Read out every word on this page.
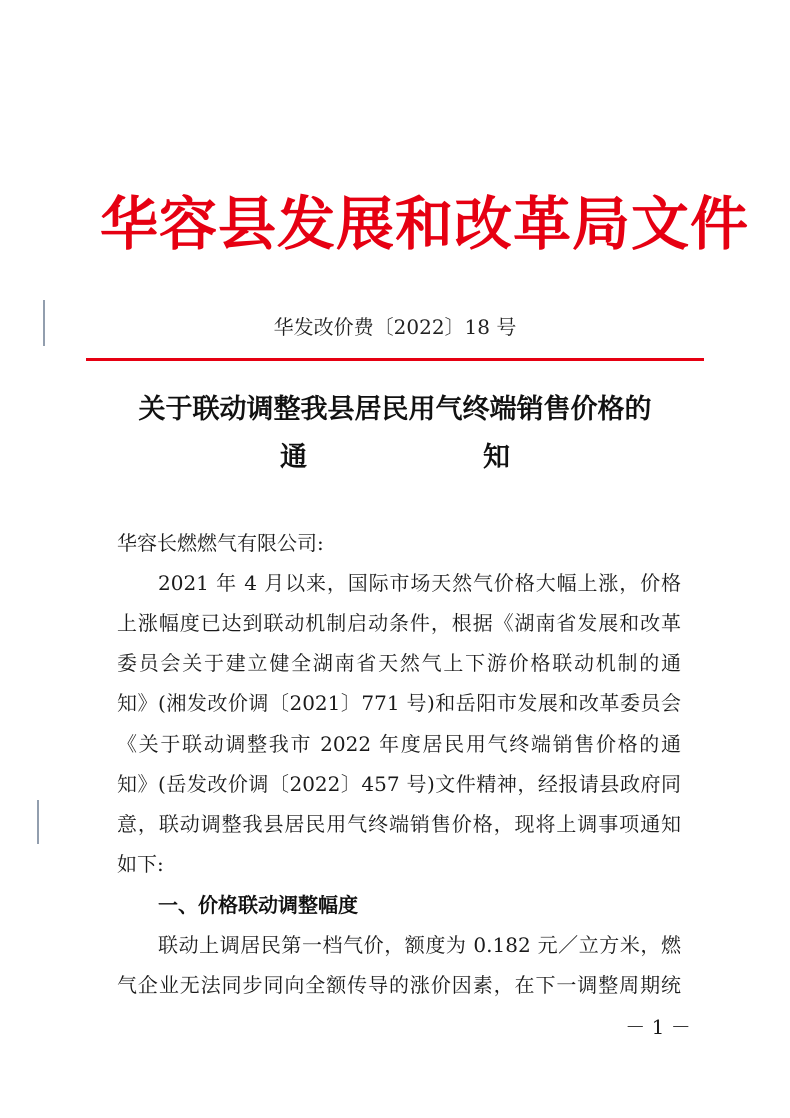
华容县发展和改革局文件
华发改价费〔2022〕18 号
关于联动调整我县居民用气终端销售价格的
通	知
华容长燃燃气有限公司:
2021 年 4 月以来，国际市场天然气价格大幅上涨，价格
上涨幅度已达到联动机制启动条件，根据《湖南省发展和改革
委员会关于建立健全湖南省天然气上下游价格联动机制的通
知》(湘发改价调〔2021〕771 号)和岳阳市发展和改革委员会
《关于联动调整我市 2022 年度居民用气终端销售价格的通
知》(岳发改价调〔2022〕457 号)文件精神，经报请县政府同
意，联动调整我县居民用气终端销售价格，现将上调事项通知
如下:
一、价格联动调整幅度
联动上调居民第一档气价，额度为 0.182 元／立方米，燃
气企业无法同步同向全额传导的涨价因素，在下一调整周期统
－ 1 －
